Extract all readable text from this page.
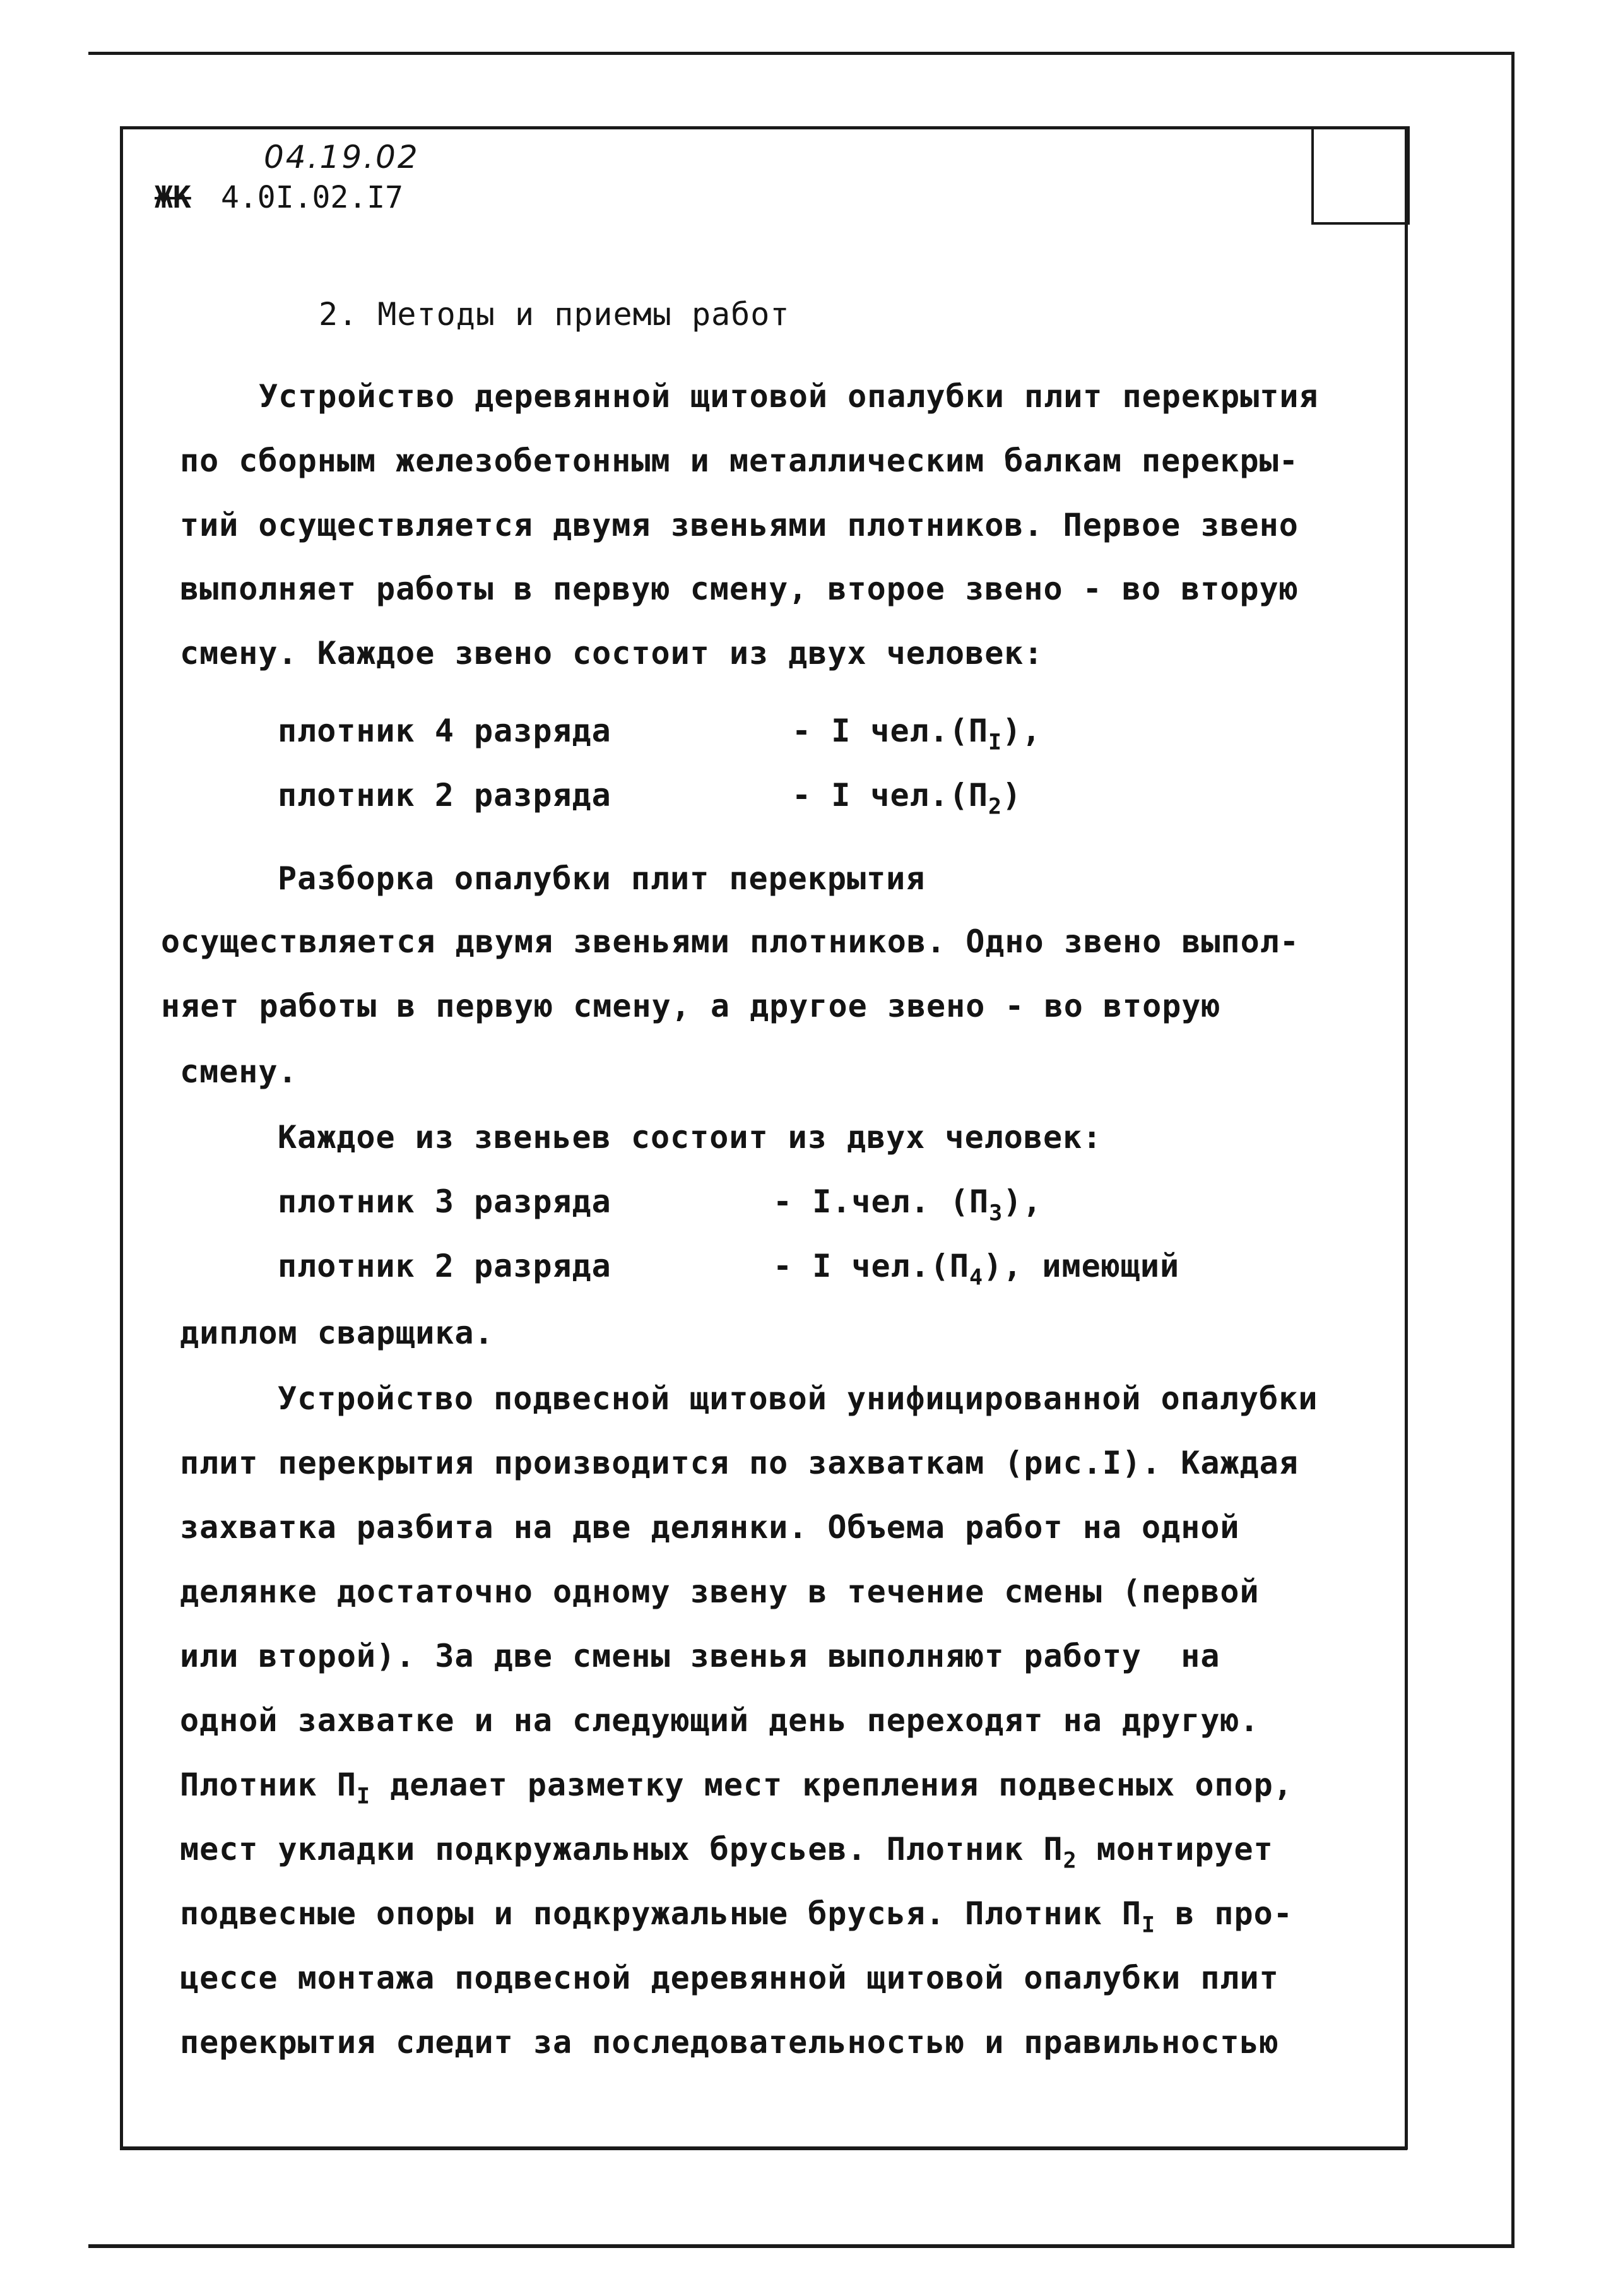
04.19.02
ЖК 4.0I.02.I7
2. Методы и приемы работ
Устройство деревянной щитовой опалубки плит перекрытия
по сборным железобетонным и металлическим балкам перекры-
тий осуществляется двумя звеньями плотников. Первое звено
выполняет работы в первую смену, второе звено - во вторую
смену. Каждое звено состоит из двух человек:
плотник 4 разряда	- I $чел.(П_I)$,
плотник 2 разряда	- I $чел.(П_2)$
Разборка опалубки плит перекрытия
осуществляется двумя звеньями плотников. Одно звено выпол-
няет работы в первую смену, а другое звено - во вторую
смену.
Каждое из звеньев состоит из двух человек:
плотник 3 разряда	- I.чел. $(П_3)$,
плотник 2 разряда	- I $чел.(П_4)$, имеющий
диплом сварщика.
Устройство подвесной щитовой унифицированной опалубки
плит перекрытия производится по захваткам (рис.I). Каждая
захватка разбита на две делянки. Объема работ на одной
делянке достаточно одному звену в течение смены (первой
или второй). За две смены звенья выполняют работу  на
одной захватке и на следующий день переходят на другую.
Плотник $П_I$ делает разметку мест крепления подвесных опор,
мест укладки подкружальных брусьев. Плотник $П_2$ монтирует
подвесные опоры и подкружальные брусья. Плотник $П_I$ в про-
цессе монтажа подвесной деревянной щитовой опалубки плит
перекрытия следит за последовательностью и правильностью
